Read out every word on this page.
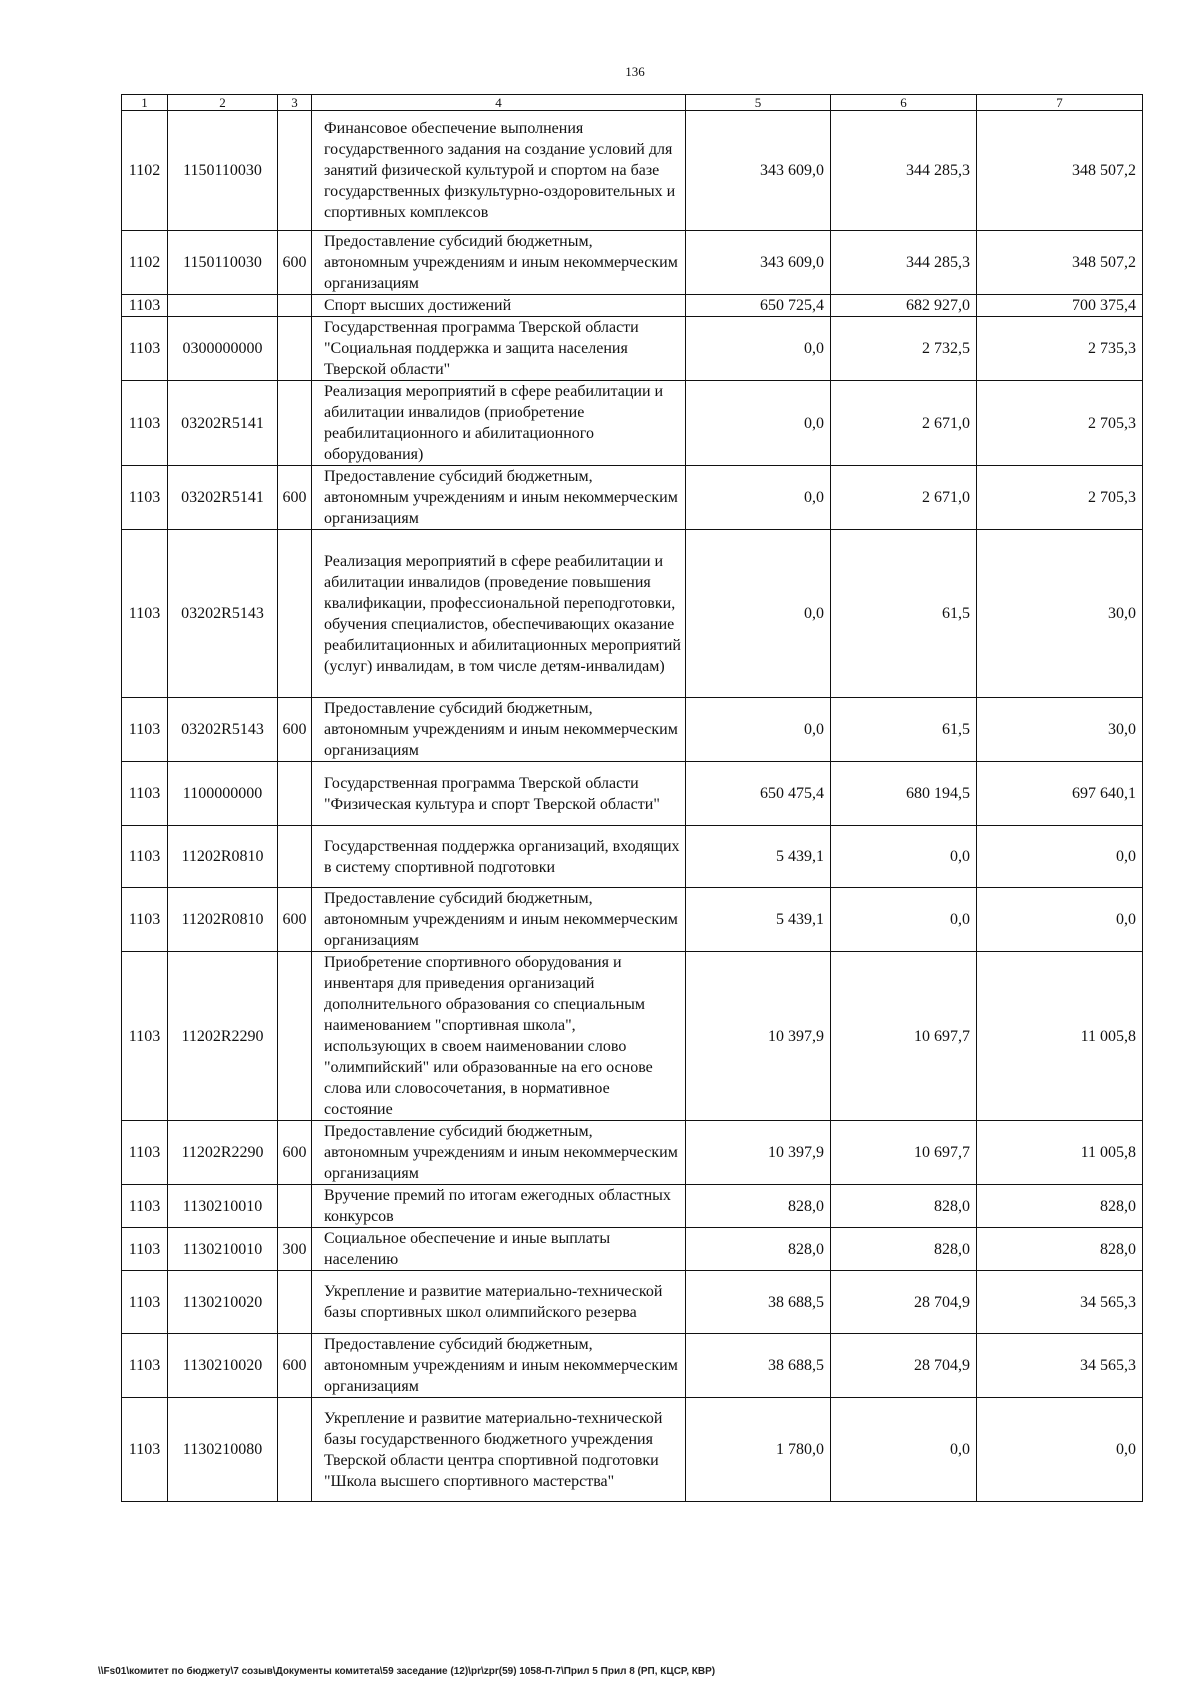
136
1	2	3	4	5	6	7
1102	1150110030		Финансовое обеспечение выполнения государственного задания на создание условий для занятий физической культурой и спортом на базе государственных физкультурно-оздоровительных и спортивных комплексов	343 609,0	344 285,3	348 507,2
1102	1150110030	600	Предоставление субсидий бюджетным, автономным учреждениям и иным некоммерческим организациям	343 609,0	344 285,3	348 507,2
1103			Спорт высших достижений	650 725,4	682 927,0	700 375,4
1103	0300000000		Государственная программа Тверской области "Социальная поддержка и защита населения Тверской области"	0,0	2 732,5	2 735,3
1103	03202R5141		Реализация мероприятий в сфере реабилитации и абилитации инвалидов (приобретение реабилитационного и абилитационного оборудования)	0,0	2 671,0	2 705,3
1103	03202R5141	600	Предоставление субсидий бюджетным, автономным учреждениям и иным некоммерческим организациям	0,0	2 671,0	2 705,3
1103	03202R5143		Реализация мероприятий в сфере реабилитации и абилитации инвалидов (проведение повышения квалификации, профессиональной переподготовки, обучения специалистов, обеспечивающих оказание реабилитационных и абилитационных мероприятий (услуг) инвалидам, в том числе детям-инвалидам)	0,0	61,5	30,0
1103	03202R5143	600	Предоставление субсидий бюджетным, автономным учреждениям и иным некоммерческим организациям	0,0	61,5	30,0
1103	1100000000		Государственная программа Тверской области "Физическая культура и спорт Тверской области"	650 475,4	680 194,5	697 640,1
1103	11202R0810		Государственная поддержка организаций, входящих в систему спортивной подготовки	5 439,1	0,0	0,0
1103	11202R0810	600	Предоставление субсидий бюджетным, автономным учреждениям и иным некоммерческим организациям	5 439,1	0,0	0,0
1103	11202R2290		Приобретение спортивного оборудования и инвентаря для приведения организаций дополнительного образования со специальным наименованием "спортивная школа", использующих в своем наименовании слово "олимпийский" или образованные на его основе слова или словосочетания, в нормативное состояние	10 397,9	10 697,7	11 005,8
1103	11202R2290	600	Предоставление субсидий бюджетным, автономным учреждениям и иным некоммерческим организациям	10 397,9	10 697,7	11 005,8
1103	1130210010		Вручение премий по итогам ежегодных областных конкурсов	828,0	828,0	828,0
1103	1130210010	300	Социальное обеспечение и иные выплаты населению	828,0	828,0	828,0
1103	1130210020		Укрепление и развитие материально-технической базы спортивных школ олимпийского резерва	38 688,5	28 704,9	34 565,3
1103	1130210020	600	Предоставление субсидий бюджетным, автономным учреждениям и иным некоммерческим организациям	38 688,5	28 704,9	34 565,3
1103	1130210080		Укрепление и развитие материально-технической базы государственного бюджетного учреждения Тверской области центра спортивной подготовки "Школа высшего спортивного мастерства"	1 780,0	0,0	0,0
\\Fs01\комитет по бюджету\7 созыв\Документы комитета\59 заседание (12)\pr\zpr(59) 1058-П-7\Прил 5 Прил 8 (РП, КЦСР, КВР)
